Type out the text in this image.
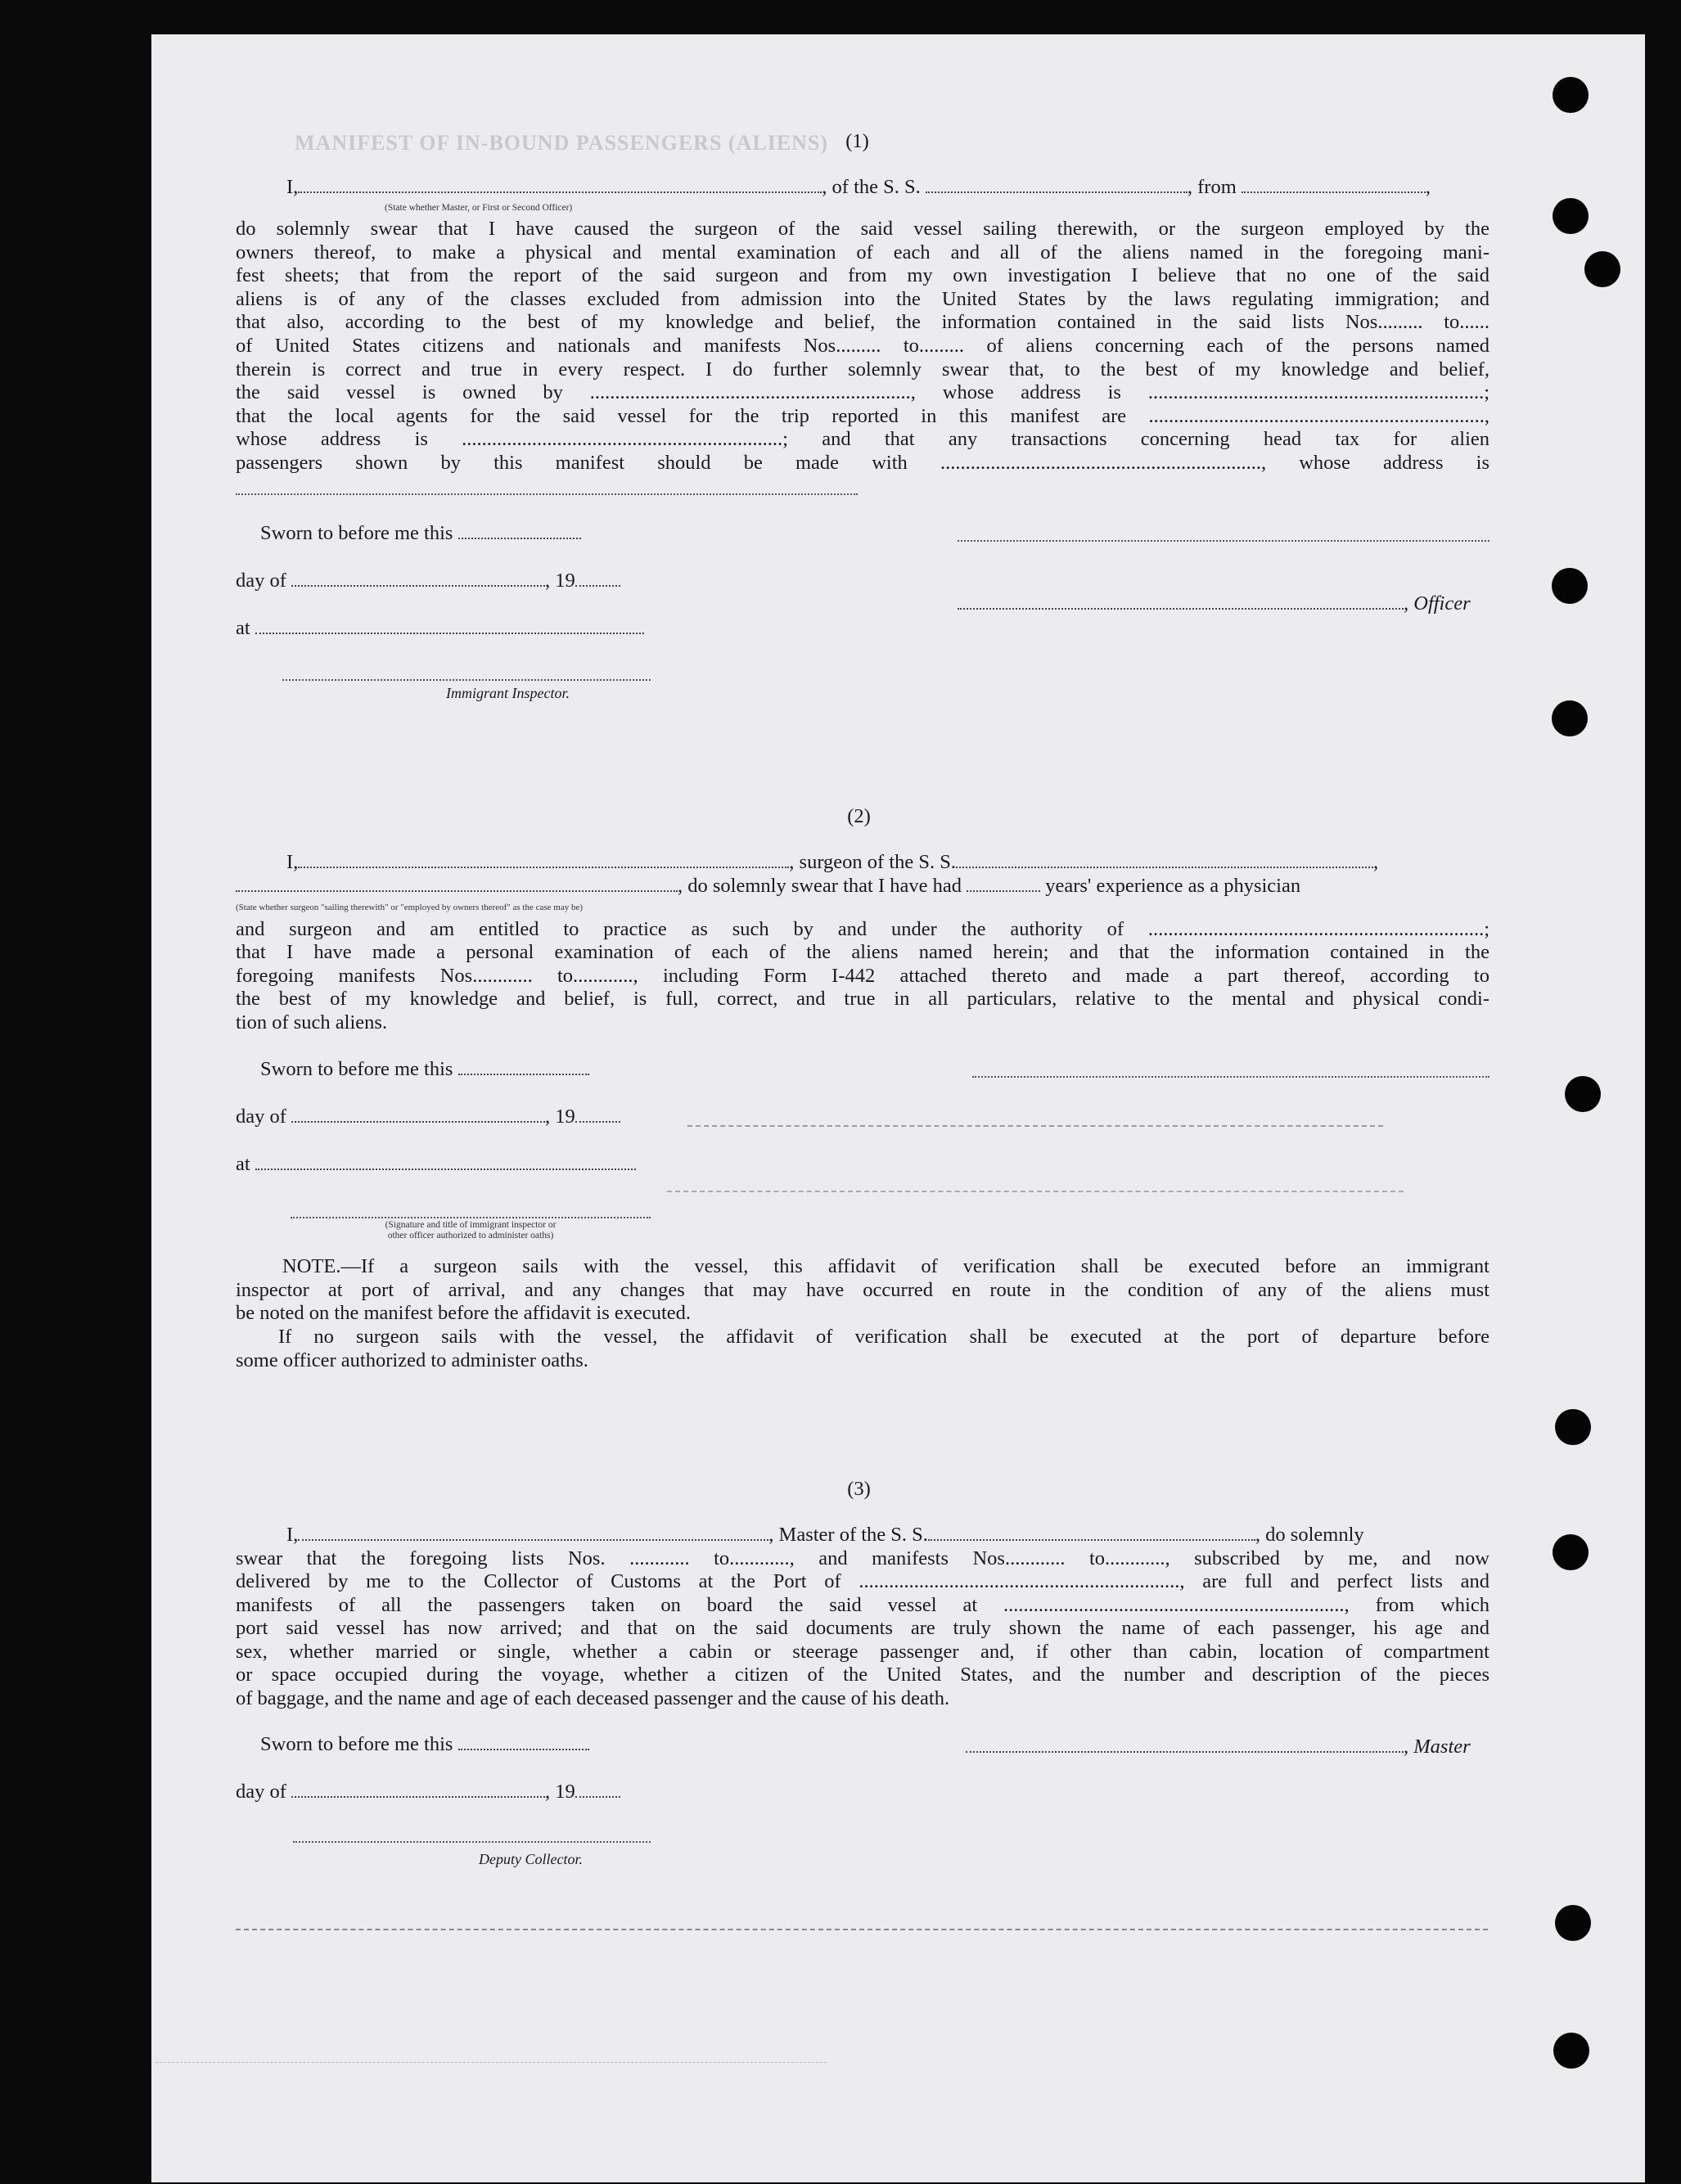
MANIFEST OF IN-BOUND PASSENGERS (ALIENS) (1)
I,	, of the S. S.	, from	,
(State whether Master, or First or Second Officer)
do solemnly swear that I have caused the surgeon of the said vessel sailing therewith, or the surgeon employed by the
owners thereof, to make a physical and mental examination of each and all of the aliens named in the foregoing mani-
fest sheets; that from the report of the said surgeon and from my own investigation I believe that no one of the said
aliens is of any of the classes excluded from admission into the United States by the laws regulating immigration; and
that also, according to the best of my knowledge and belief, the information contained in the said lists Nos......... to......
of United States citizens and nationals and manifests Nos......... to......... of aliens concerning each of the persons named
therein is correct and true in every respect. I do further solemnly swear that, to the best of my knowledge and belief,
the said vessel is owned by ................................................................, whose address is ...................................................................;
that the local agents for the said vessel for the trip reported in this manifest are ...................................................................,
whose address is ................................................................; and that any transactions concerning head tax for alien
passengers shown by this manifest should be made with ................................................................, whose address is
Sworn to before me this
day of	, 19
, Officer
at
Immigrant Inspector.
(2)
I,	, surgeon of the S. S.	,
, do solemnly swear that I have had	years' experience as a physician
(State whether surgeon "sailing therewith" or "employed by owners thereof" as the case may be)
and surgeon and am entitled to practice as such by and under the authority of ...................................................................;
that I have made a personal examination of each of the aliens named herein; and that the information contained in the
foregoing manifests Nos............ to............, including Form I-442 attached thereto and made a part thereof, according to
the best of my knowledge and belief, is full, correct, and true in all particulars, relative to the mental and physical condi-
tion of such aliens.
Sworn to before me this
day of	, 19
at
(Signature and title of immigrant inspector or
other officer authorized to administer oaths)
NOTE.—If a surgeon sails with the vessel, this affidavit of verification shall be executed before an immigrant
inspector at port of arrival, and any changes that may have occurred en route in the condition of any of the aliens must
be noted on the manifest before the affidavit is executed.
If no surgeon sails with the vessel, the affidavit of verification shall be executed at the port of departure before
some officer authorized to administer oaths.
(3)
I,	, Master of the S. S.	, do solemnly
swear that the foregoing lists Nos. ............ to............, and manifests Nos............ to............, subscribed by me, and now
delivered by me to the Collector of Customs at the Port of ................................................................, are full and perfect lists and
manifests of all the passengers taken on board the said vessel at ...................................................................., from which
port said vessel has now arrived; and that on the said documents are truly shown the name of each passenger, his age and
sex, whether married or single, whether a cabin or steerage passenger and, if other than cabin, location of compartment
or space occupied during the voyage, whether a citizen of the United States, and the number and description of the pieces
of baggage, and the name and age of each deceased passenger and the cause of his death.
Sworn to before me this	, Master
day of	, 19
Deputy Collector.
